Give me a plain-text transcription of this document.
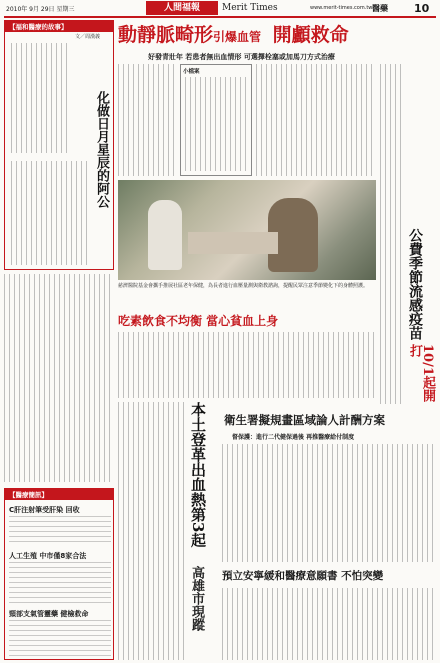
2010年 9月 29日 星期三	人間福報	Merit Times	www.merit-times.com.tw 醫藥 10
【福和醫療的故事】
文／周漢義
化做日月星辰的阿公
【醫療簡訊】
C肝注射筆受肝染 回收
人工生殖 中市僅8家合法
頸部支氣管靈藥 健檢救命
動靜脈畸形引爆血管 開顱救命
好發青壯年 若患者無出血情形 可選擇栓塞或加馬刀方式治療
小檔案
慈濟醫院基金會攜手推展社區老年保健，為長者進行血壓量測與衛教諮詢，提醒民眾注意季節變化下的身體照護。
吃素飲食不均衡 當心貧血上身
本土登革出血熱第3起
高雄市現蹤
公費季節流感疫苗
10/1起開打
衛生署擬規畫區域論人計酬方案
督保護：進行二代健保過後 再推醫療給付制度
預立安寧緩和醫療意願書 不怕突變
